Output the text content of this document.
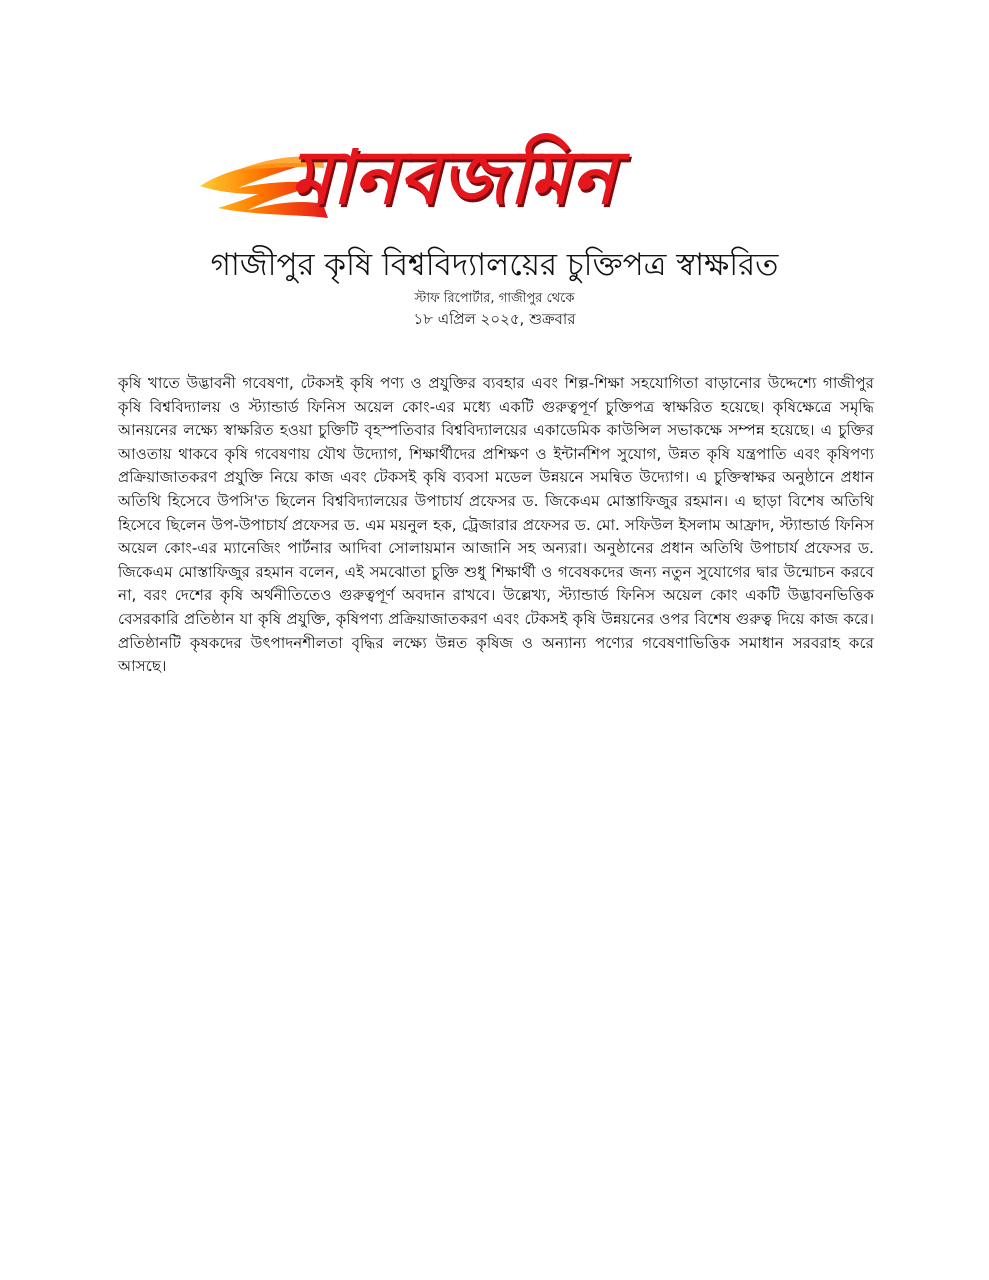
মানবজমিন
গাজীপুর কৃষি বিশ্ববিদ্যালয়ের চুক্তিপত্র স্বাক্ষরিত
স্টাফ রিপোর্টার, গাজীপুর থেকে
১৮ এপ্রিল ২০২৫, শুক্রবার
কৃষি খাতে উদ্ভাবনী গবেষণা, টেকসই কৃষি পণ্য ও প্রযুক্তির ব্যবহার এবং শিল্প-শিক্ষা সহযোগিতা বাড়ানোর উদ্দেশ্যে গাজীপুর কৃষি বিশ্ববিদ্যালয় ও স্ট্যান্ডার্ড ফিনিস অয়েল কোং-এর মধ্যে একটি গুরুত্বপূর্ণ চুক্তিপত্র স্বাক্ষরিত হয়েছে। কৃষিক্ষেত্রে সমৃদ্ধি আনয়নের লক্ষ্যে স্বাক্ষরিত হওয়া চুক্তিটি বৃহস্পতিবার বিশ্ববিদ্যালয়ের একাডেমিক কাউন্সিল সভাকক্ষে সম্পন্ন হয়েছে। এ চুক্তির আওতায় থাকবে কৃষি গবেষণায় যৌথ উদ্যোগ, শিক্ষার্থীদের প্রশিক্ষণ ও ইন্টার্নশিপ সুযোগ, উন্নত কৃষি যন্ত্রপাতি এবং কৃষিপণ্য প্রক্রিয়াজাতকরণ প্রযুক্তি নিয়ে কাজ এবং টেকসই কৃষি ব্যবসা মডেল উন্নয়নে সমন্বিত উদ্যোগ। এ চুক্তিস্বাক্ষর অনুষ্ঠানে প্রধান অতিথি হিসেবে উপসি'ত ছিলেন বিশ্ববিদ্যালয়ের উপাচার্য প্রফেসর ড. জিকেএম মোস্তাফিজুর রহমান। এ ছাড়া বিশেষ অতিথি হিসেবে ছিলেন উপ-উপাচার্য প্রফেসর ড. এম ময়নুল হক, ট্রেজারার প্রফেসর ড. মো. সফিউল ইসলাম আফ্রাদ, স্ট্যান্ডার্ড ফিনিস অয়েল কোং-এর ম্যানেজিং পার্টনার আদিবা সোলায়মান আজানি সহ অন্যরা। অনুষ্ঠানের প্রধান অতিথি উপাচার্য প্রফেসর ড. জিকেএম মোস্তাফিজুর রহমান বলেন, এই সমঝোতা চুক্তি শুধু শিক্ষার্থী ও গবেষকদের জন্য নতুন সুযোগের দ্বার উন্মোচন করবে না, বরং দেশের কৃষি অর্থনীতিতেও গুরুত্বপূর্ণ অবদান রাখবে। উল্লেখ্য, স্ট্যান্ডার্ড ফিনিস অয়েল কোং একটি উদ্ভাবনভিত্তিক বেসরকারি প্রতিষ্ঠান যা কৃষি প্রযুক্তি, কৃষিপণ্য প্রক্রিয়াজাতকরণ এবং টেকসই কৃষি উন্নয়নের ওপর বিশেষ গুরুত্ব দিয়ে কাজ করে। প্রতিষ্ঠানটি কৃষকদের উৎপাদনশীলতা বৃদ্ধির লক্ষ্যে উন্নত কৃষিজ ও অন্যান্য পণ্যের গবেষণাভিত্তিক সমাধান সরবরাহ করে আসছে।
